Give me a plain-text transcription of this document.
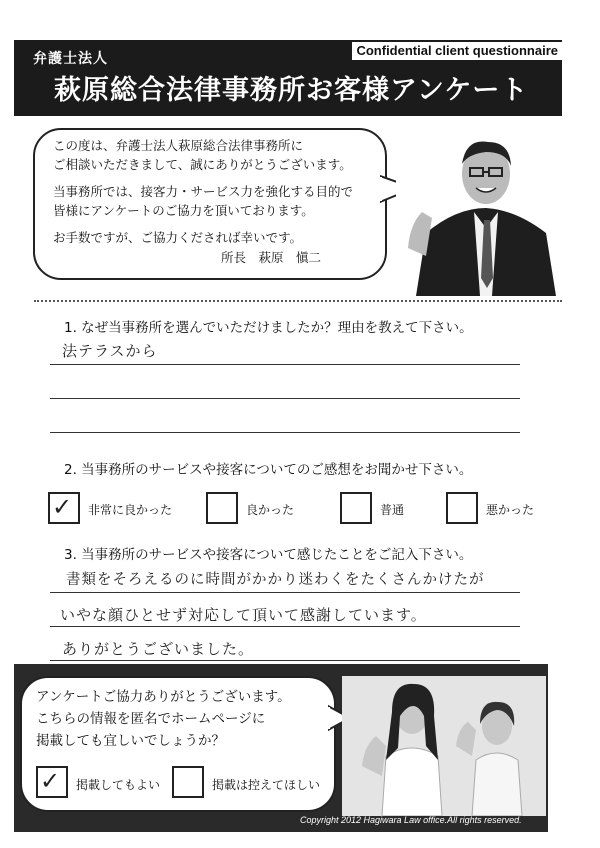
弁護士法人
Confidential client questionnaire
萩原総合法律事務所お客様アンケート

この度は、弁護士法人萩原総合法律事務所に

ご相談いただきまして、誠にありがとうございます。

当事務所では、接客力・サービス力を強化する目的で

皆様にアンケートのご協力を頂いております。

お手数ですが、ご協力くだされば幸いです。

所長　萩原　愼二
1. なぜ当事務所を選んでいただけましたか？理由を教えて下さい。
法テラスから
2. 当事務所のサービスや接客についてのご感想をお聞かせ下さい。
✓ 非常に良かった	良かった	普通	悪かった
3. 当事務所のサービスや接客について感じたことをご記入下さい。
書類をそろえるのに時間がかかり迷わくをたくさんかけたが
いやな顔ひとせず対応して頂いて感謝しています。
ありがとうございました。

アンケートご協力ありがとうございます。

こちらの情報を匿名でホームページに

掲載しても宜しいでしょうか？

✓ 掲載してもよい	掲載は控えてほしい
Copyright 2012 Hagiwara Law office.All rights reserved.
